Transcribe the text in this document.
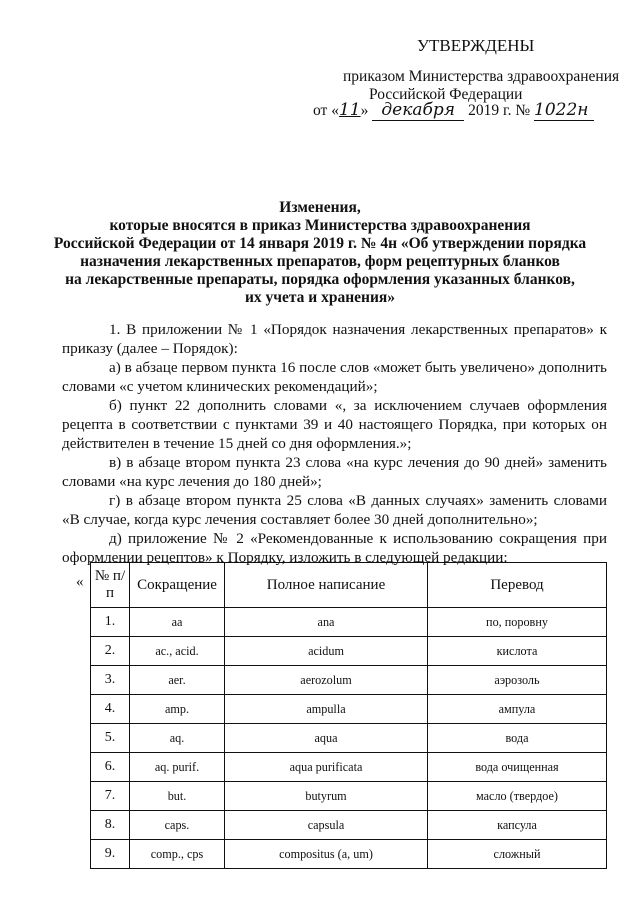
УТВЕРЖДЕНЫ
приказом Министерства здравоохранения
Российской Федерации
от «11» декабря 2019 г. № 1022н
Изменения,
которые вносятся в приказ Министерства здравоохранения
Российской Федерации от 14 января 2019 г. № 4н «Об утверждении порядка
назначения лекарственных препаратов, форм рецептурных бланков
на лекарственные препараты, порядка оформления указанных бланков,
их учета и хранения»
1. В приложении № 1 «Порядок назначения лекарственных препаратов» к приказу (далее – Порядок):
а) в абзаце первом пункта 16 после слов «может быть увеличено» дополнить словами «с учетом клинических рекомендаций»;
б) пункт 22 дополнить словами «, за исключением случаев оформления рецепта в соответствии с пунктами 39 и 40 настоящего Порядка, при которых он действителен в течение 15 дней со дня оформления.»;
в) в абзаце втором пункта 23 слова «на курс лечения до 90 дней» заменить словами «на курс лечения до 180 дней»;
г) в абзаце втором пункта 25 слова «В данных случаях» заменить словами «В случае, когда курс лечения составляет более 30 дней дополнительно»;
д) приложение № 2 «Рекомендованные к использованию сокращения при оформлении рецептов» к Порядку, изложить в следующей редакции:
« № п/п	Сокращение	Полное написание	Перевод
1.	aa	ana	по, поровну
2.	ac., acid.	acidum	кислота
3.	aer.	aerozolum	аэрозоль
4.	amp.	ampulla	ампула
5.	aq.	aqua	вода
6.	aq. purif.	aqua purificata	вода очищенная
7.	but.	butyrum	масло (твердое)
8.	caps.	capsula	капсула
9.	comp., cps	compositus (a, um)	сложный
